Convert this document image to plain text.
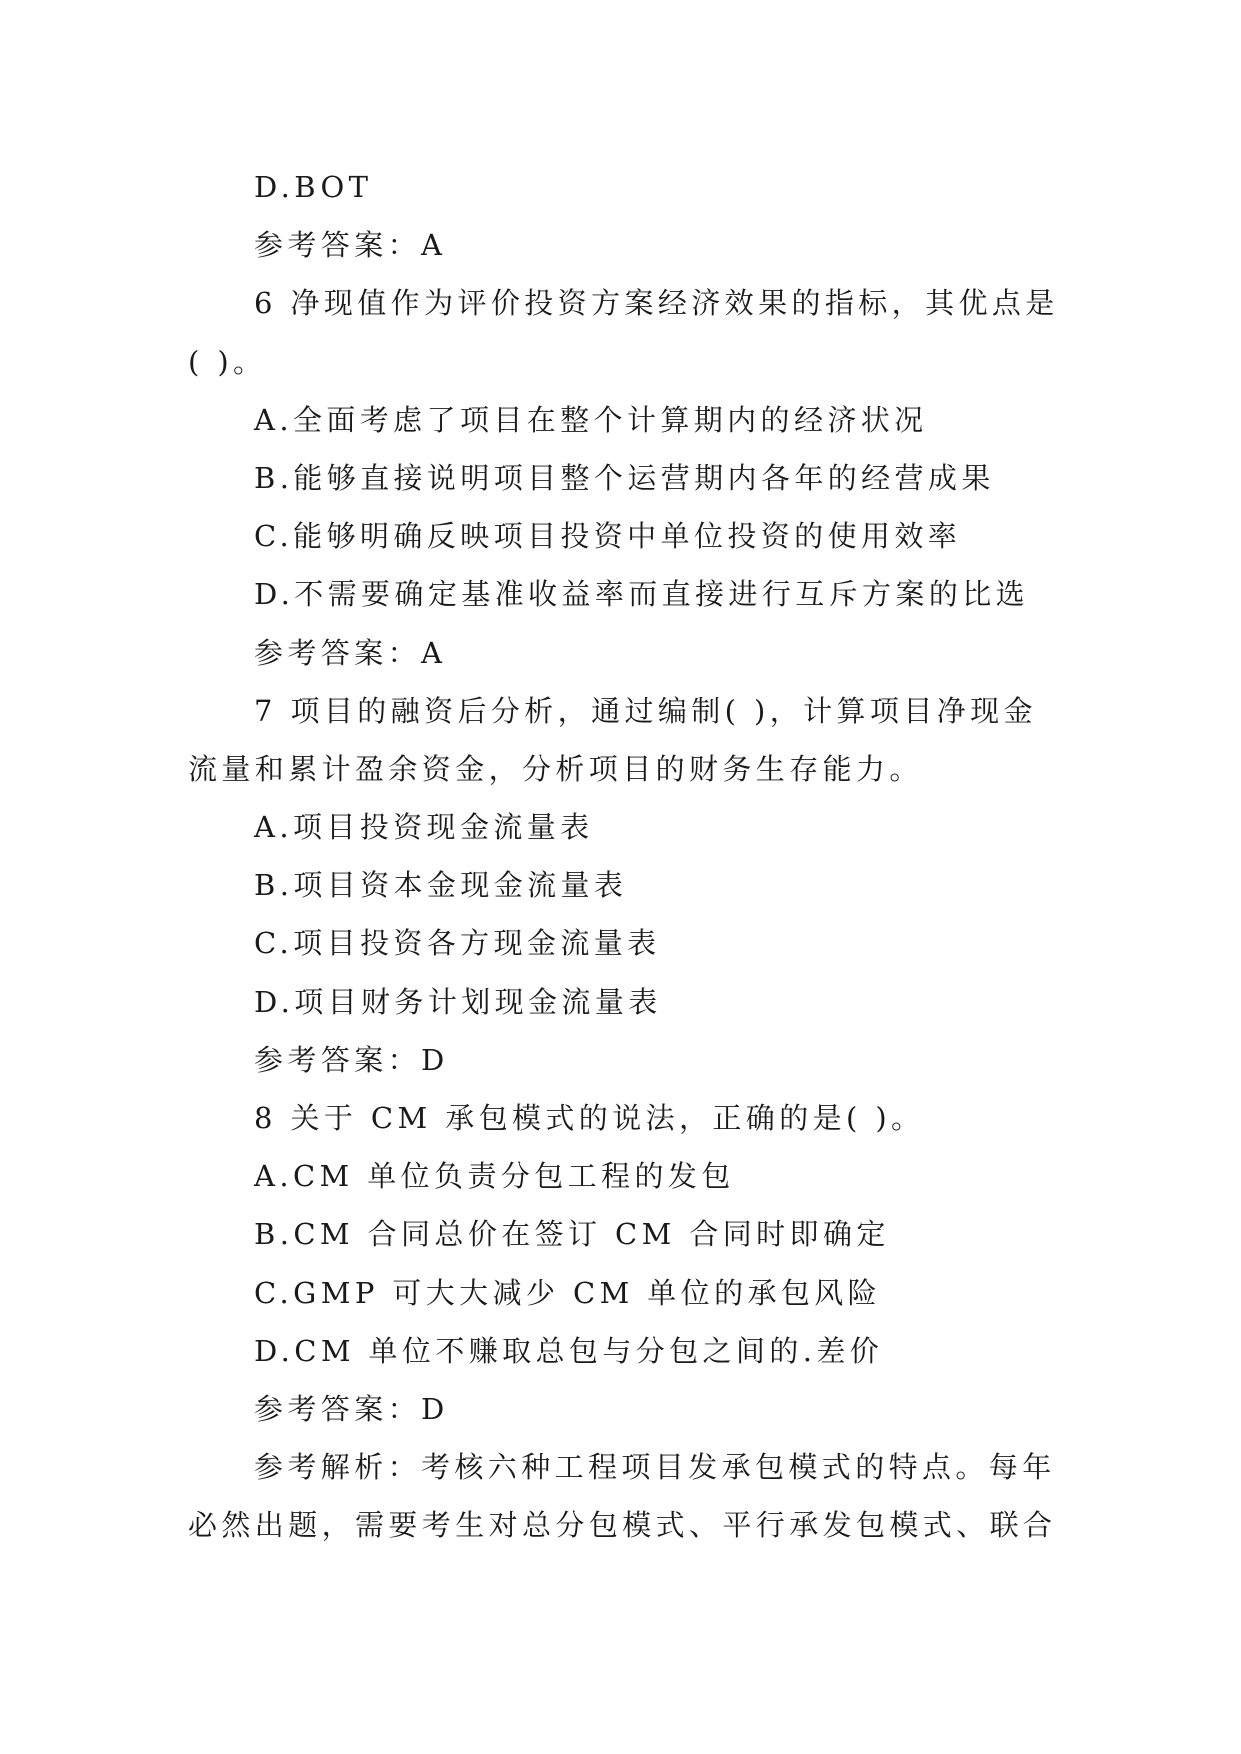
D.BOT
参考答案：A
6 净现值作为评价投资方案经济效果的指标，其优点是
( )。
A.全面考虑了项目在整个计算期内的经济状况
B.能够直接说明项目整个运营期内各年的经营成果
C.能够明确反映项目投资中单位投资的使用效率
D.不需要确定基准收益率而直接进行互斥方案的比选
参考答案：A
7 项目的融资后分析，通过编制( )，计算项目净现金
流量和累计盈余资金，分析项目的财务生存能力。
A.项目投资现金流量表
B.项目资本金现金流量表
C.项目投资各方现金流量表
D.项目财务计划现金流量表
参考答案：D
8 关于 CM 承包模式的说法，正确的是( )。
A.CM 单位负责分包工程的发包
B.CM 合同总价在签订 CM 合同时即确定
C.GMP 可大大减少 CM 单位的承包风险
D.CM 单位不赚取总包与分包之间的.差价
参考答案：D
参考解析：考核六种工程项目发承包模式的特点。每年
必然出题，需要考生对总分包模式、平行承发包模式、联合
